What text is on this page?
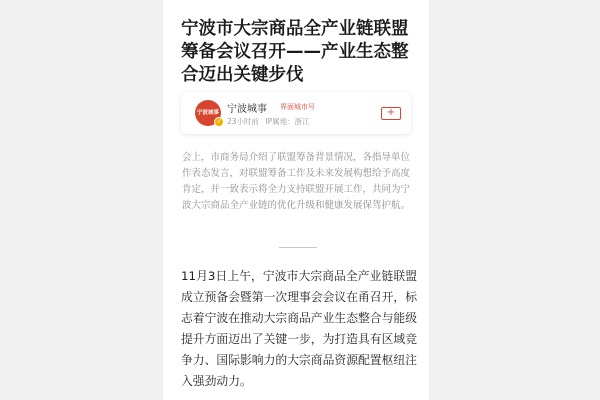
宁波市大宗商品全产业链联盟筹备会议召开——产业生态整合迈出关键步伐
宁波城事
✓
宁波城事 界面城市号
23小时前 IP属地：浙江
+

会上，市商务局介绍了联盟筹备背景情况，各指导单位作表态发言，对联盟筹备工作及未来发展构想给予高度肯定，并一致表示将全力支持联盟开展工作，共同为宁波大宗商品全产业链的优化升级和健康发展保驾护航。

11月3日上午，宁波市大宗商品全产业链联盟成立预备会暨第一次理事会会议在甬召开，标志着宁波在推动大宗商品产业生态整合与能级提升方面迈出了关键一步，为打造具有区域竞争力、国际影响力的大宗商品资源配置枢纽注入强劲动力。
